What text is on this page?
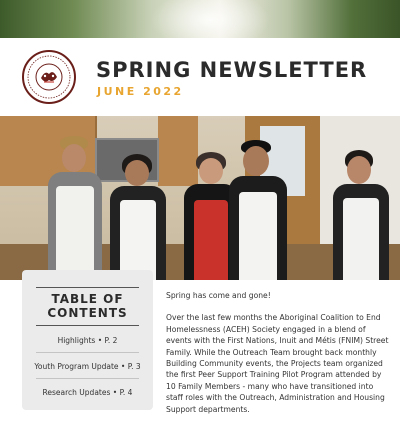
SPRING NEWSLETTER
JUNE 2022
TABLE OF
CONTENTS
Highlights • P. 2
Youth Program Update • P. 3
Research Updates • P. 4

Spring has come and gone!

Over the last few months the Aboriginal Coalition to End Homelessness (ACEH) Society engaged in a blend of events with the First Nations, Inuit and Métis (FNIM) Street Family. While the Outreach Team brought back monthly Building Community events, the Projects team organized the first Peer Support Training Pilot Program attended by 10 Family Members - many who have transitioned into staff roles with the Outreach, Administration and Housing Support departments.
